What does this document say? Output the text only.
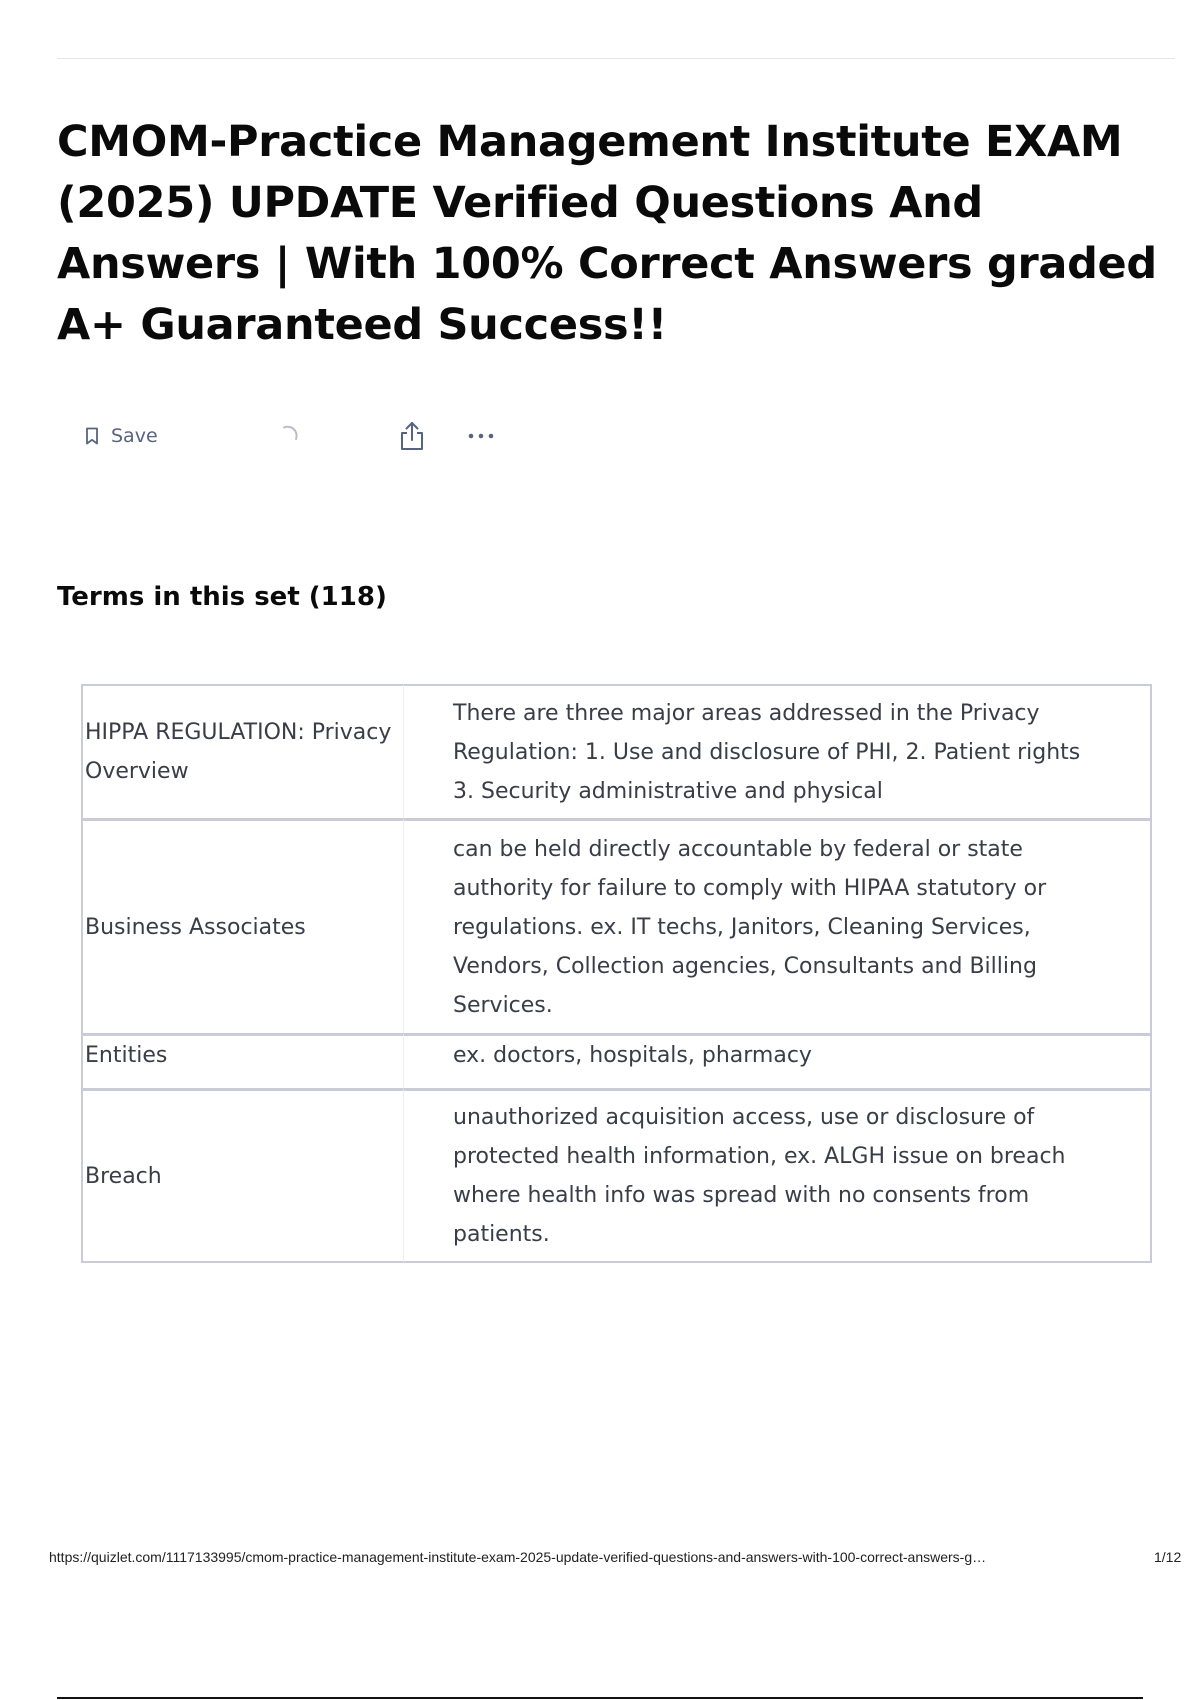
CMOM-Practice Management Institute EXAM (2025) UPDATE Verified Questions And Answers | With 100% Correct Answers graded A+ Guaranteed Success!!
Save
Terms in this set (118)
HIPPA REGULATION: Privacy Overview	There are three major areas addressed in the Privacy Regulation: 1. Use and disclosure of PHI, 2. Patient rights 3. Security administrative and physical
Business Associates	can be held directly accountable by federal or state authority for failure to comply with HIPAA statutory or regulations. ex. IT techs, Janitors, Cleaning Services, Vendors, Collection agencies, Consultants and Billing Services.
Entities	ex. doctors, hospitals, pharmacy
Breach	unauthorized acquisition access, use or disclosure of protected health information, ex. ALGH issue on breach where health info was spread with no consents from patients.
https://quizlet.com/1117133995/cmom-practice-management-institute-exam-2025-update-verified-questions-and-answers-with-100-correct-answers-g…	1/12
